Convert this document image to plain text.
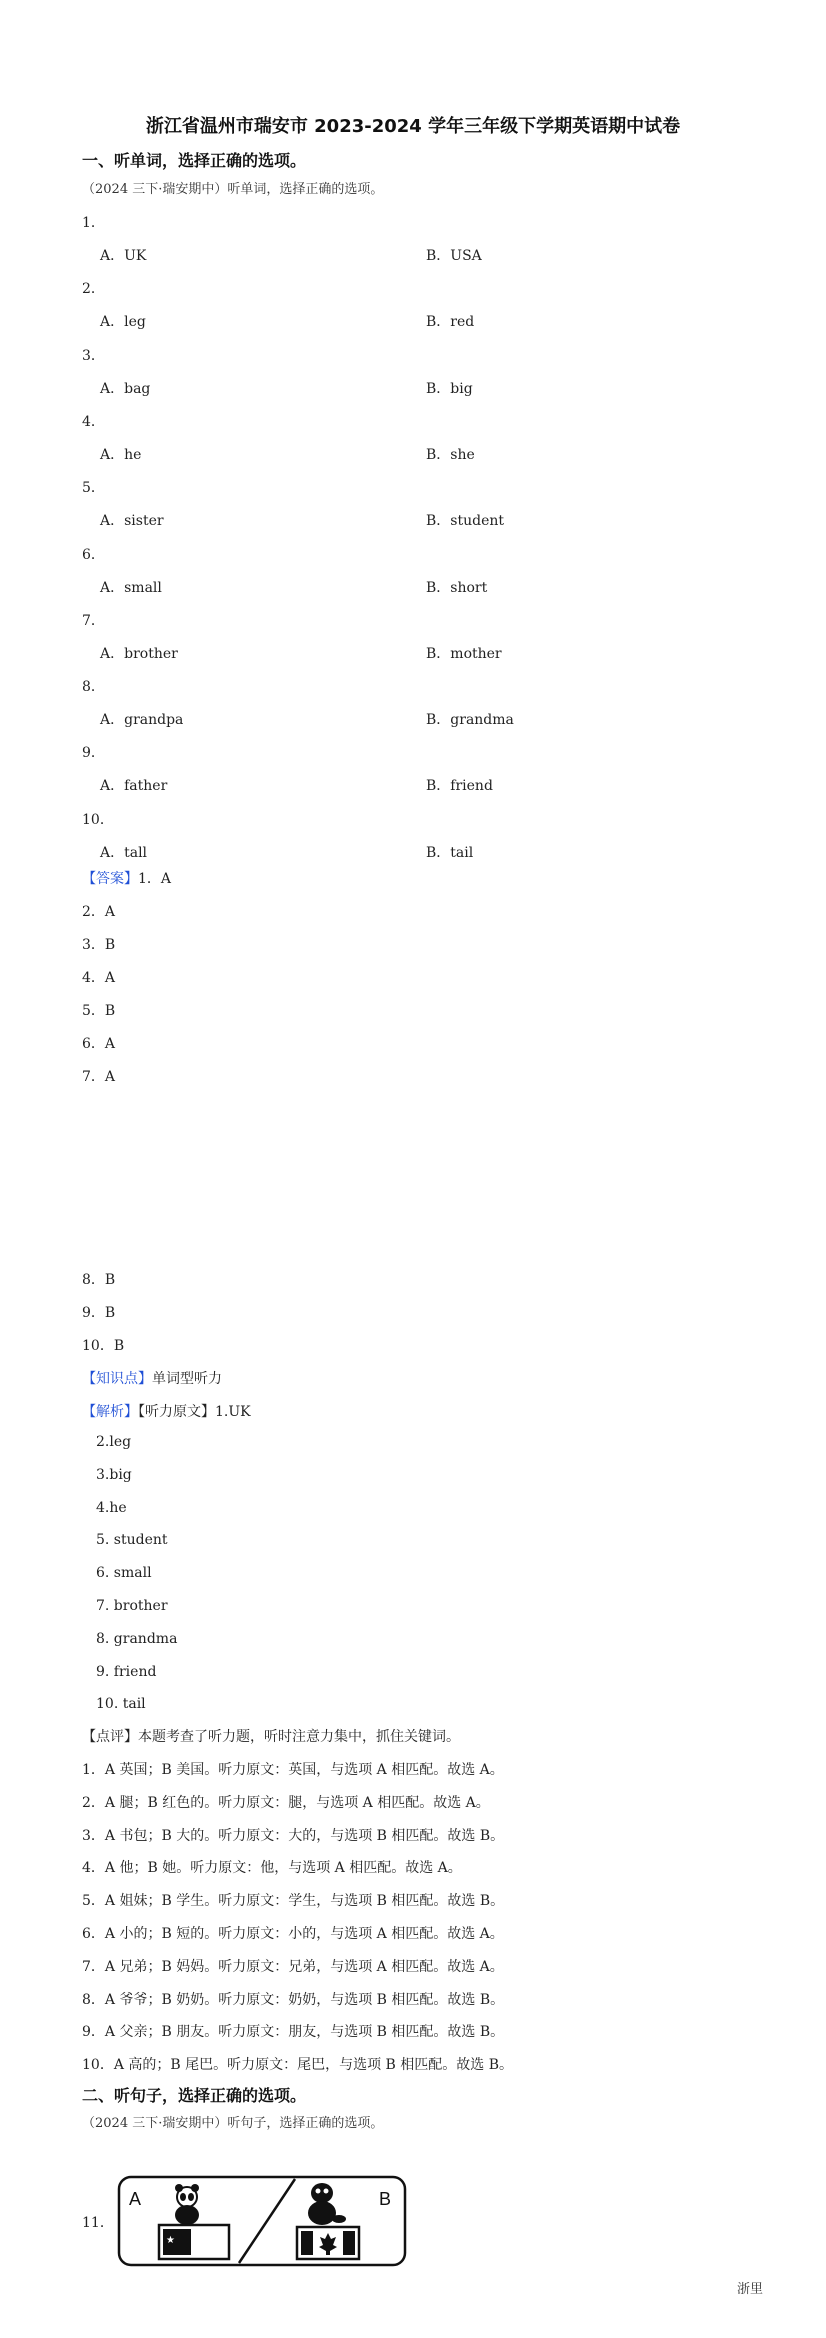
浙江省温州市瑞安市 2023-2024 学年三年级下学期英语期中试卷
一、听单词，选择正确的选项。
（2024 三下·瑞安期中）听单词，选择正确的选项。
1．
A．UK	B．USA
2．
A．leg	B．red
3．
A．bag	B．big
4．
A．he	B．she
5．
A．sister	B．student
6．
A．small	B．short
7．
A．brother	B．mother
8．
A．grandpa	B．grandma
9．
A．father	B．friend
10．
A．tall	B．tail
【答案】1．A
2．A
3．B
4．A
5．B
6．A
7．A
8．B
9．B
10．B
【知识点】单词型听力
【解析】【听力原文】1.UK
2.leg
3.big
4.he
5. student
6. small
7. brother
8. grandma
9. friend
10. tail
【点评】本题考查了听力题，听时注意力集中，抓住关键词。
1．A 英国；B 美国。听力原文：英国，与选项 A 相匹配。故选 A。
2．A 腿；B 红色的。听力原文：腿，与选项 A 相匹配。故选 A。
3．A 书包；B 大的。听力原文：大的，与选项 B 相匹配。故选 B。
4．A 他；B 她。听力原文：他，与选项 A 相匹配。故选 A。
5．A 姐妹；B 学生。听力原文：学生，与选项 B 相匹配。故选 B。
6．A 小的；B 短的。听力原文：小的，与选项 A 相匹配。故选 A。
7．A 兄弟；B 妈妈。听力原文：兄弟，与选项 A 相匹配。故选 A。
8．A 爷爷；B 奶奶。听力原文：奶奶，与选项 B 相匹配。故选 B。
9．A 父亲；B 朋友。听力原文：朋友，与选项 B 相匹配。故选 B。
10．A 高的；B 尾巴。听力原文：尾巴，与选项 B 相匹配。故选 B。
二、听句子，选择正确的选项。
（2024 三下·瑞安期中）听句子，选择正确的选项。
11．
A	B
★
浙里
